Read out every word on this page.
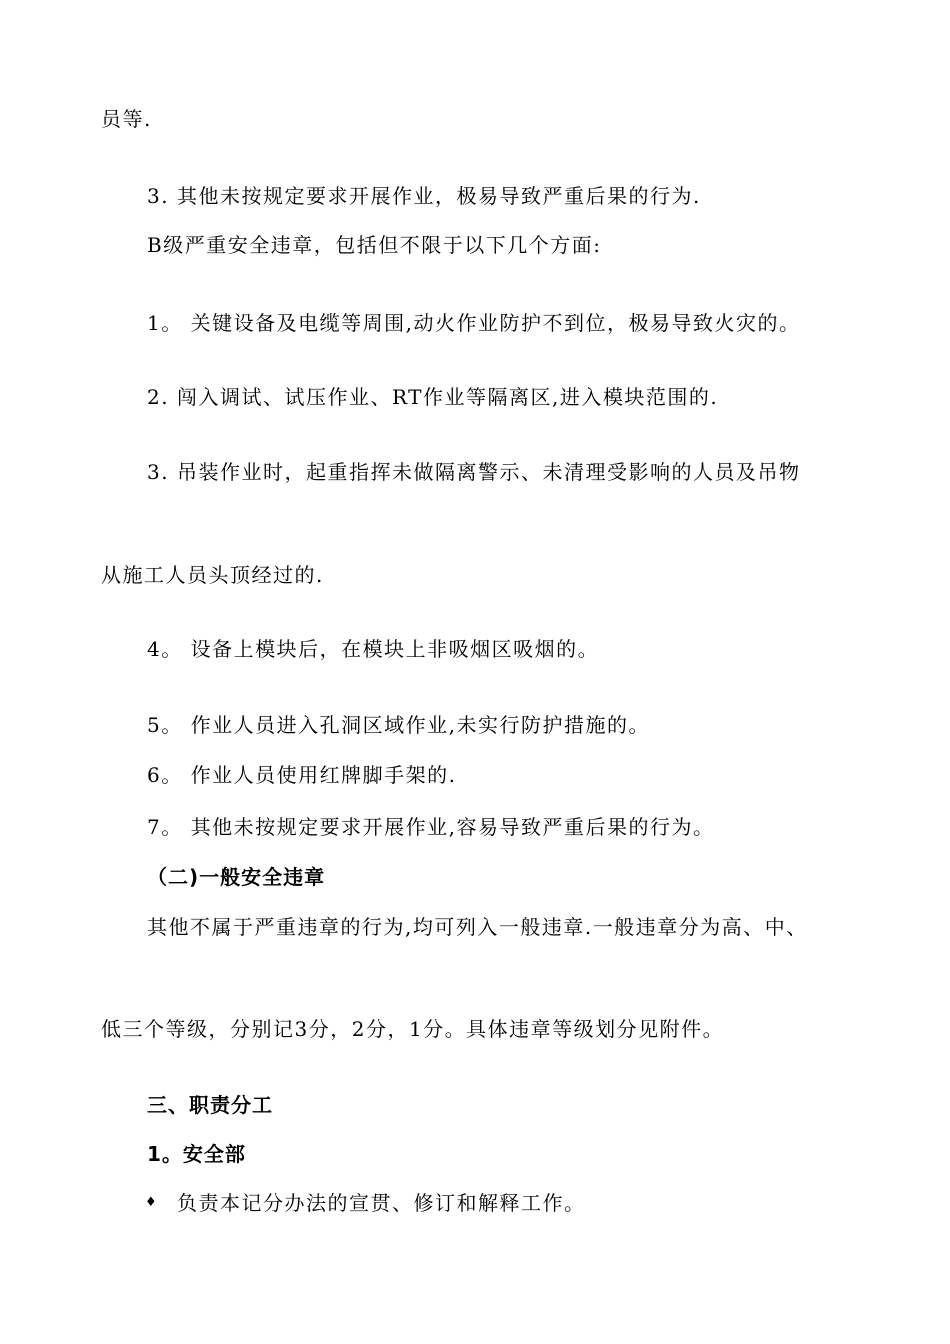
员等.
3. 其他未按规定要求开展作业，极易导致严重后果的行为.
B级严重安全违章，包括但不限于以下几个方面:
1。 关键设备及电缆等周围,动火作业防护不到位，极易导致火灾的。
2. 闯入调试、试压作业、RT作业等隔离区,进入模块范围的.
3. 吊装作业时，起重指挥未做隔离警示、未清理受影响的人员及吊物
从施工人员头顶经过的.
4。 设备上模块后，在模块上非吸烟区吸烟的。
5。 作业人员进入孔洞区域作业,未实行防护措施的。
6。 作业人员使用红牌脚手架的.
7。 其他未按规定要求开展作业,容易导致严重后果的行为。
（二)一般安全违章
其他不属于严重违章的行为,均可列入一般违章.一般违章分为高、中、
低三个等级，分别记3分，2分，1分。具体违章等级划分见附件。
三、职责分工
1。安全部
♦ 负责本记分办法的宣贯、修订和解释工作。
